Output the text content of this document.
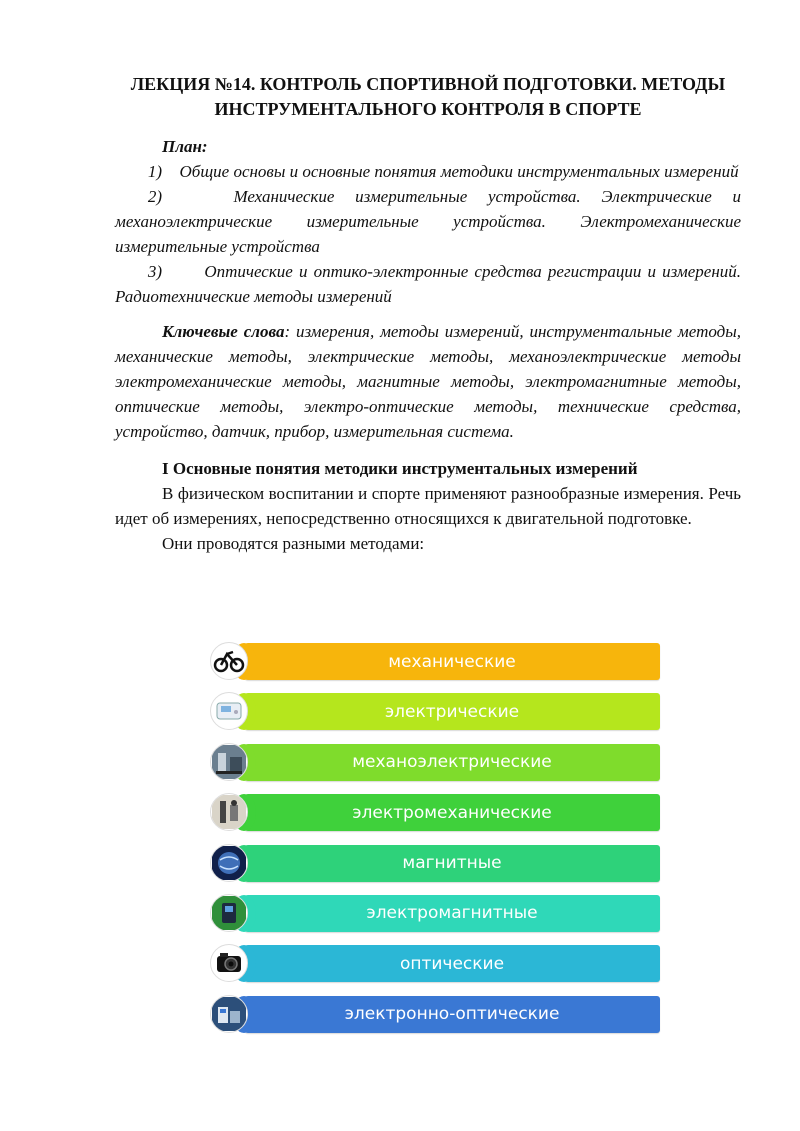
ЛЕКЦИЯ №14. КОНТРОЛЬ СПОРТИВНОЙ ПОДГОТОВКИ. МЕТОДЫ
ИНСТРУМЕНТАЛЬНОГО КОНТРОЛЯ В СПОРТЕ
План:
1) Общие основы и основные понятия методики инструментальных измерений
2)	Механические измерительные устройства. Электрические и механоэлектрические измерительные устройства. Электромеханические измерительные устройства
3) Оптические и оптико-электронные средства регистрации и измерений. Радиотехнические методы измерений
Ключевые слова: измерения, методы измерений, инструментальные методы, механические методы, электрические методы, механоэлектрические методы электромеханические методы, магнитные методы, электромагнитные методы, оптические методы, электро-оптические методы, технические средства, устройство, датчик, прибор, измерительная система.
I Основные понятия методики инструментальных измерений
В физическом воспитании и спорте применяют разнообразные измерения. Речь идет об измерениях, непосредственно относящихся к двигательной подготовке.
Они проводятся разными методами:
механические
электрические
механоэлектрические
электромеханические
магнитные
электромагнитные
оптические
электронно-оптические
